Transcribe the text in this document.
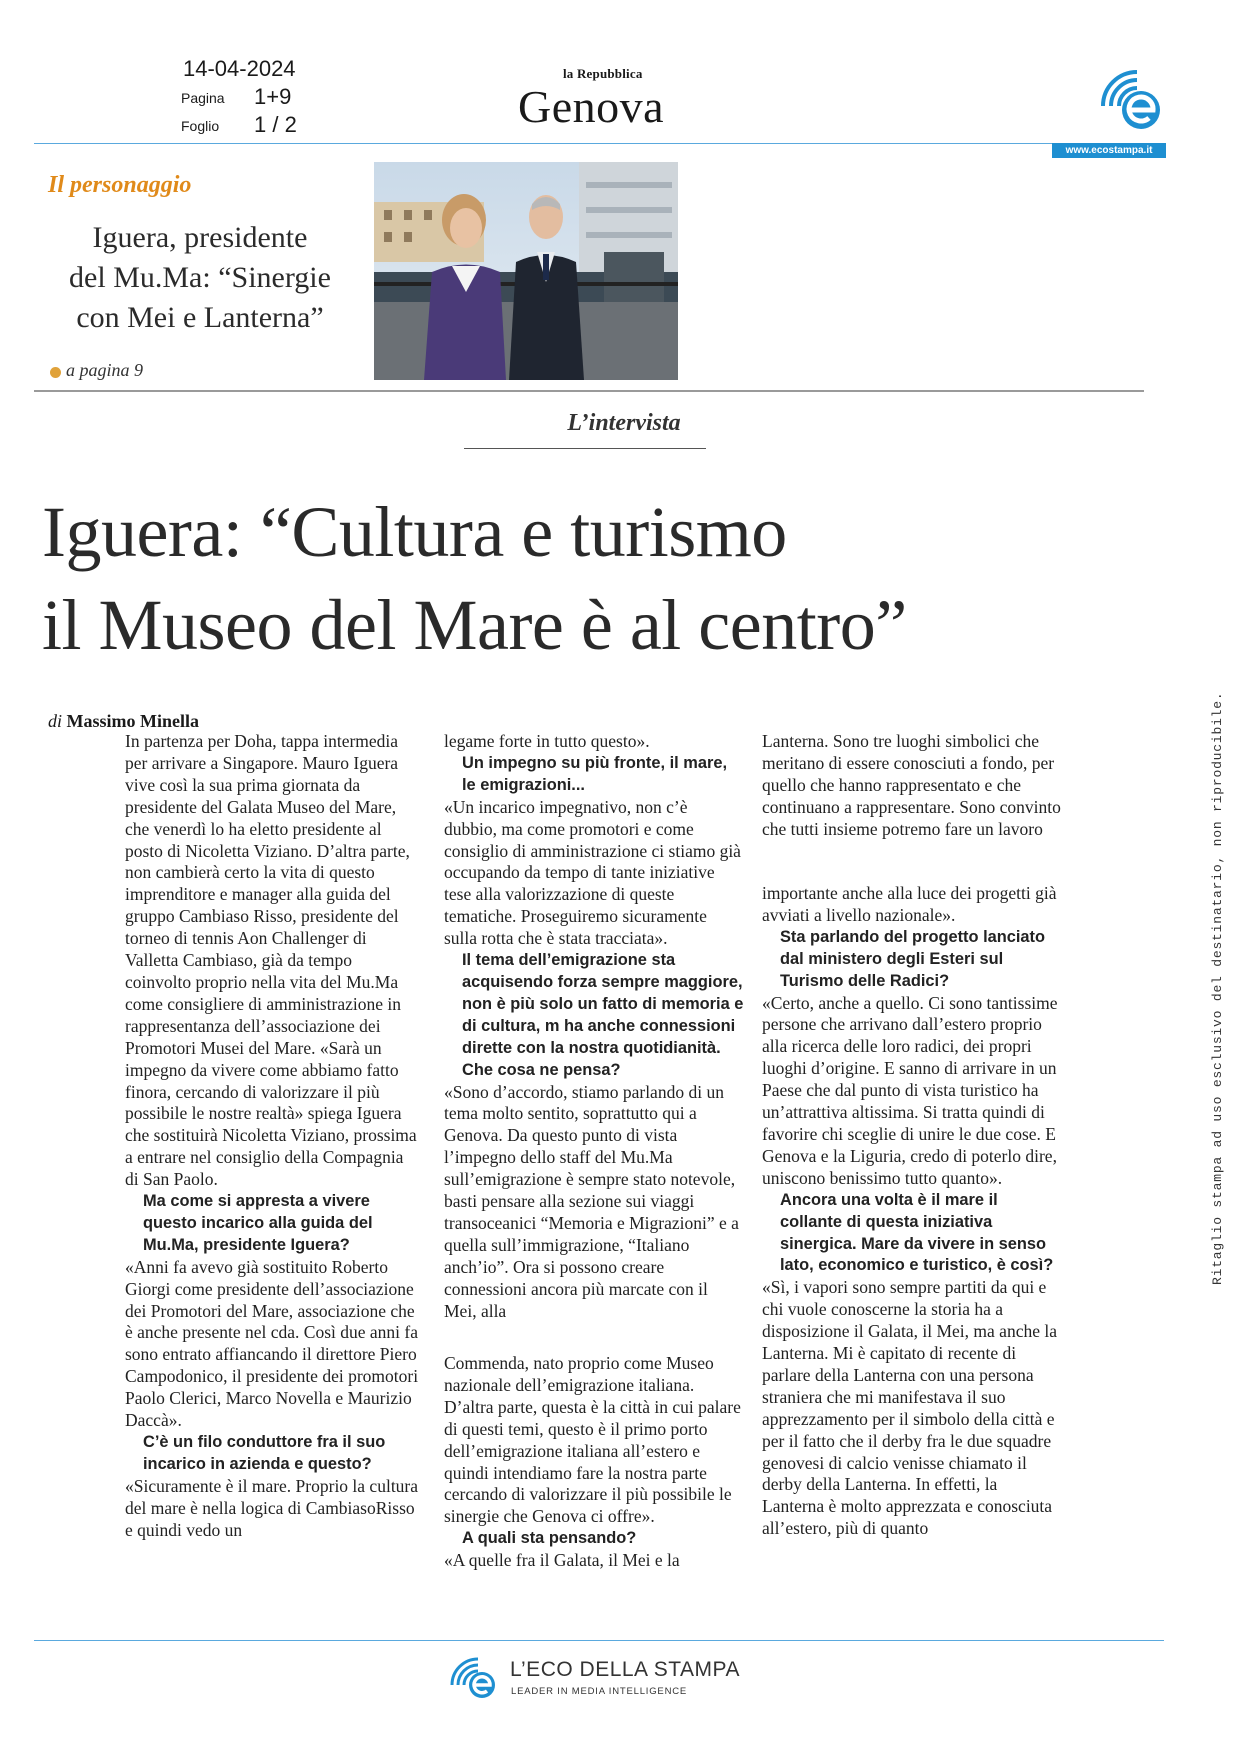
14-04-2024
Pagina 1+9
Foglio 1 / 2
la Repubblica
Genova
www.ecostampa.it
Il personaggio
Iguera, presidente
del Mu.Ma: “Sinergie
con Mei e Lanterna”
a pagina 9
L’intervista
Iguera: “Cultura e turismo
il Museo del Mare è al centro”
di Massimo Minella

In partenza per Doha, tappa intermedia per arrivare a Singapore. Mauro Iguera vive così la sua prima giornata da presidente del Galata Museo del Mare, che venerdì lo ha eletto presidente al posto di Nicoletta Viziano. D’altra parte, non cambierà certo la vita di questo imprenditore e manager alla guida del gruppo Cambiaso Risso, presidente del torneo di tennis Aon Challenger di Valletta Cambiaso, già da tempo coinvolto proprio nella vita del Mu.Ma come consigliere di amministrazione in rappresentanza dell’associazione dei Promotori Musei del Mare. «Sarà un impegno da vivere come abbiamo fatto finora, cercando di valorizzare il più possibile le nostre realtà» spiega Iguera che sostituirà Nicoletta Viziano, prossima a entrare nel consiglio della Compagnia di San Paolo.

Ma come si appresta a vivere questo incarico alla guida del Mu.Ma, presidente Iguera?

«Anni fa avevo già sostituito Roberto Giorgi come presidente dell’associazione dei Promotori del Mare, associazione che è anche presente nel cda. Così due anni fa sono entrato affiancando il direttore Piero Campodonico, il presidente dei promotori Paolo Clerici, Marco Novella e Maurizio Daccà».

C’è un filo conduttore fra il suo incarico in azienda e questo?

«Sicuramente è il mare. Proprio la cultura del mare è nella logica di CambiasoRisso e quindi vedo un

legame forte in tutto questo».

Un impegno su più fronte, il mare, le emigrazioni...

«Un incarico impegnativo, non c’è dubbio, ma come promotori e come consiglio di amministrazione ci stiamo già occupando da tempo di tante iniziative tese alla valorizzazione di queste tematiche. Proseguiremo sicuramente sulla rotta che è stata tracciata».

Il tema dell’emigrazione sta acquisendo forza sempre maggiore, non è più solo un fatto di memoria e di cultura, m ha anche connessioni dirette con la nostra quotidianità. Che cosa ne pensa?

«Sono d’accordo, stiamo parlando di un tema molto sentito, soprattutto qui a Genova. Da questo punto di vista l’impegno dello staff del Mu.Ma sull’emigrazione è sempre stato notevole, basti pensare alla sezione sui viaggi transoceanici “Memoria e Migrazioni” e a quella sull’immigrazione, “Italiano anch’io”. Ora si possono creare connessioni ancora più marcate con il Mei, alla

Commenda, nato proprio come Museo nazionale dell’emigrazione italiana. D’altra parte, questa è la città in cui palare di questi temi, questo è il primo porto dell’emigrazione italiana all’estero e quindi intendiamo fare la nostra parte cercando di valorizzare il più possibile le sinergie che Genova ci offre».

A quali sta pensando?

«A quelle fra il Galata, il Mei e la

Lanterna. Sono tre luoghi simbolici che meritano di essere conosciuti a fondo, per quello che hanno rappresentato e che continuano a rappresentare. Sono convinto che tutti insieme potremo fare un lavoro

importante anche alla luce dei progetti già avviati a livello nazionale».

Sta parlando del progetto lanciato dal ministero degli Esteri sul Turismo delle Radici?

«Certo, anche a quello. Ci sono tantissime persone che arrivano dall’estero proprio alla ricerca delle loro radici, dei propri luoghi d’origine. E sanno di arrivare in un Paese che dal punto di vista turistico ha un’attrattiva altissima. Si tratta quindi di favorire chi sceglie di unire le due cose. E Genova e la Liguria, credo di poterlo dire, uniscono benissimo tutto quanto».

Ancora una volta è il mare il collante di questa iniziativa sinergica. Mare da vivere in senso lato, economico e turistico, è così?

«Sì, i vapori sono sempre partiti da qui e chi vuole conoscerne la storia ha a disposizione il Galata, il Mei, ma anche la Lanterna. Mi è capitato di recente di parlare della Lanterna con una persona straniera che mi manifestava il suo apprezzamento per il simbolo della città e per il fatto che il derby fra le due squadre genovesi di calcio venisse chiamato il derby della Lanterna. In effetti, la Lanterna è molto apprezzata e conosciuta all’estero, più di quanto

Ritaglio stampa ad uso esclusivo del destinatario, non riproducibile.
L’ECO DELLA STAMPA
LEADER IN MEDIA INTELLIGENCE
